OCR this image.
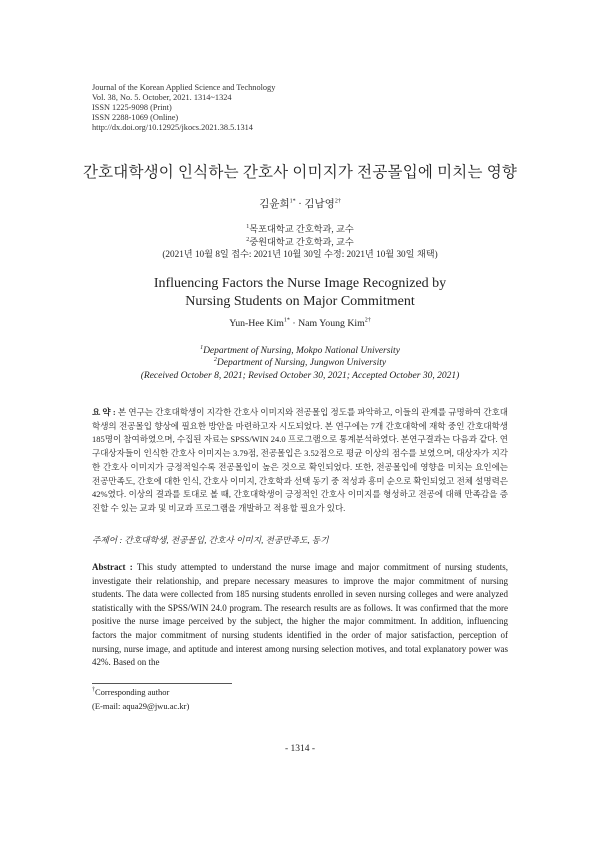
Journal of the Korean Applied Science and Technology
Vol. 38, No. 5. October, 2021. 1314~1324
ISSN 1225-9098 (Print)
ISSN 2288-1069 (Online)
http://dx.doi.org/10.12925/jkocs.2021.38.5.1314
간호대학생이 인식하는 간호사 이미지가 전공몰입에 미치는 영향
김윤희$^{1*}$ · 김남영$^{2\dagger}$
$^1$목포대학교 간호학과, 교수
$^2$중원대학교 간호학과, 교수
(2021년 10월 8일 접수: 2021년 10월 30일 수정: 2021년 10월 30일 채택)
Influencing Factors the Nurse Image Recognized by
Nursing Students on Major Commitment
Yun-Hee Kim$^{1*}$ · Nam Young Kim$^{2\dagger}$
$^1$Department of Nursing, Mokpo National University
$^2$Department of Nursing, Jungwon University
(Received October 8, 2021; Revised October 30, 2021; Accepted October 30, 2021)
요 약 : 본 연구는 간호대학생이 지각한 간호사 이미지와 전공몰입 정도를 파악하고, 이들의 관계를 규명하여 간호대학생의 전공몰입 향상에 필요한 방안을 마련하고자 시도되었다. 본 연구에는 7개 간호대학에 재학 중인 간호대학생 185명이 참여하였으며, 수집된 자료는 SPSS/WIN 24.0 프로그램으로 통계분석하였다. 본연구결과는 다음과 같다. 연구대상자들이 인식한 간호사 이미지는 3.79점, 전공몰입은 3.52점으로 평균 이상의 점수를 보였으며, 대상자가 지각한 간호사 이미지가 긍정적일수록 전공몰입이 높은 것으로 확인되었다. 또한, 전공몰입에 영향을 미치는 요인에는 전공만족도, 간호에 대한 인식, 간호사 이미지, 간호학과 선택 동기 중 적성과 흥미 순으로 확인되었고 전체 설명력은 42%였다. 이상의 결과를 토대로 볼 때, 간호대학생이 긍정적인 간호사 이미지를 형성하고 전공에 대해 만족감을 증진할 수 있는 교과 및 비교과 프로그램을 개발하고 적용할 필요가 있다.
주제어 : 간호대학생, 전공몰입, 간호사 이미지, 전공만족도, 동기
Abstract : This study attempted to understand the nurse image and major commitment of nursing students, investigate their relationship, and prepare necessary measures to improve the major commitment of nursing students. The data were collected from 185 nursing students enrolled in seven nursing colleges and were analyzed statistically with the SPSS/WIN 24.0 program. The research results are as follows. It was confirmed that the more positive the nurse image perceived by the subject, the higher the major commitment. In addition, influencing factors the major commitment of nursing students identified in the order of major satisfaction, perception of nursing, nurse image, and aptitude and interest among nursing selection motives, and total explanatory power was 42%. Based on the
†Corresponding author
(E-mail: aqua29@jwu.ac.kr)
- 1314 -
